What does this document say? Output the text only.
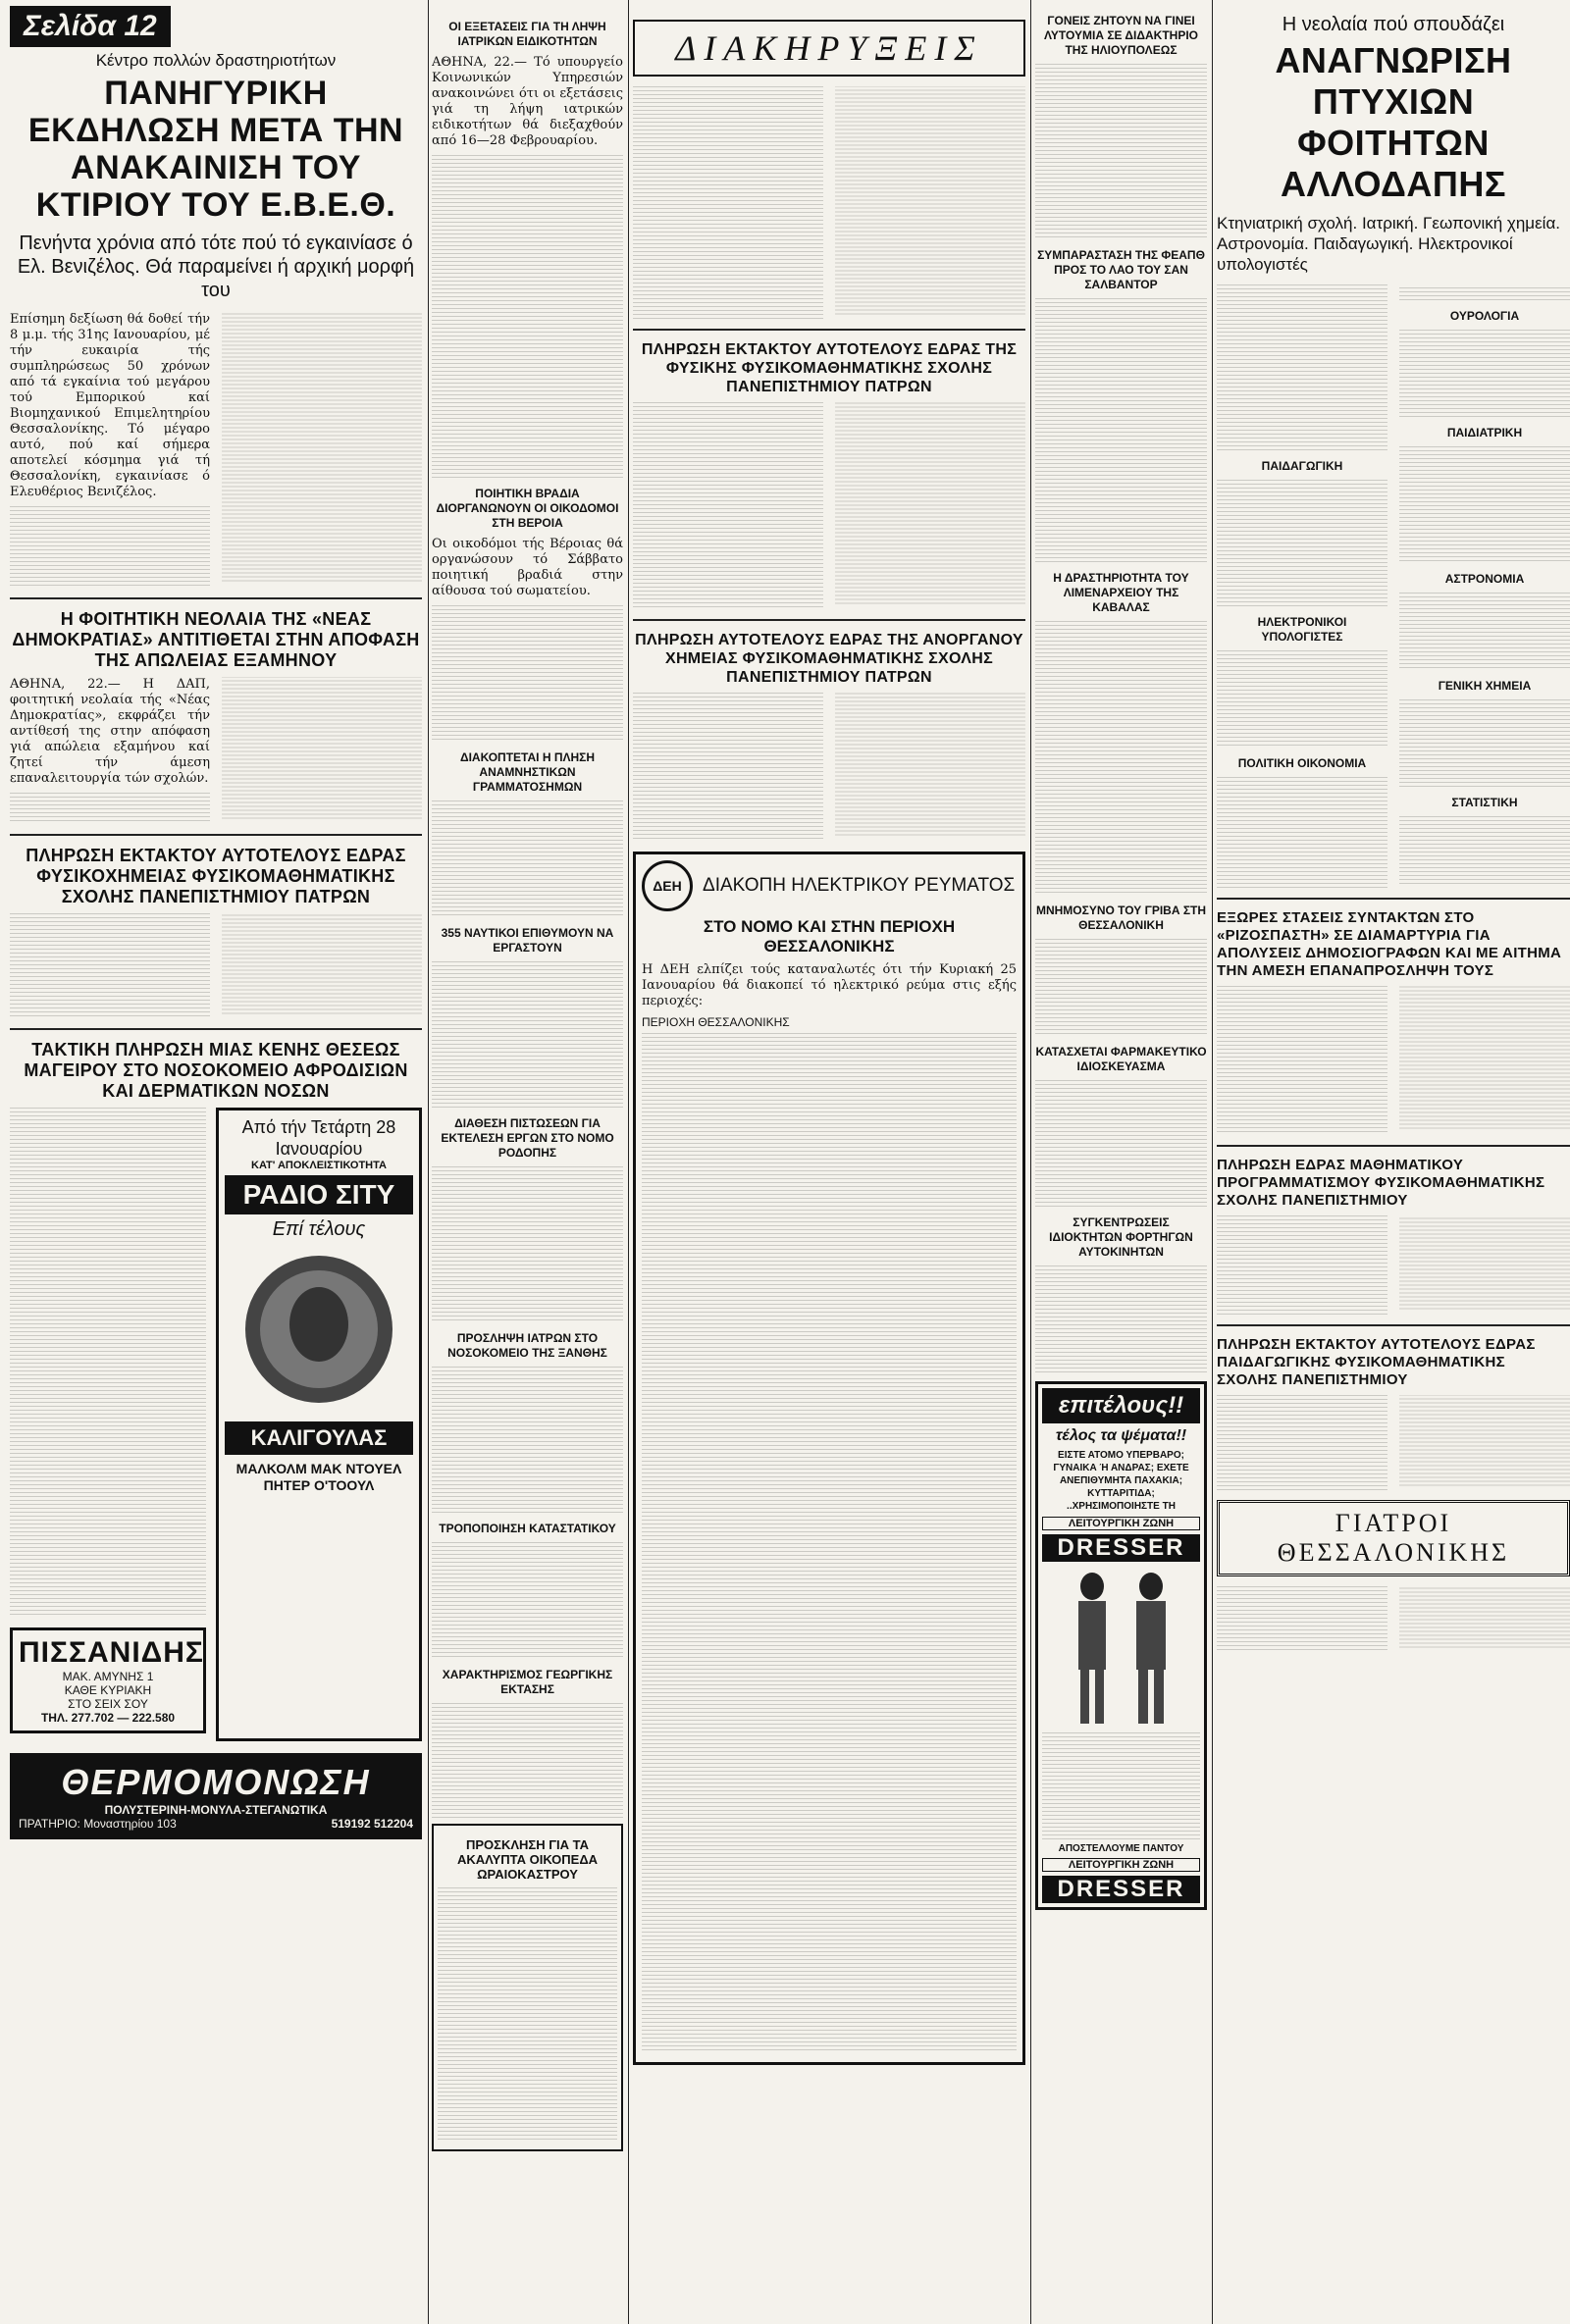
Σελίδα 12
Κέντρο πολλών δραστηριοτήτων
ΠΑΝΗΓΥΡΙΚΗ ΕΚΔΗΛΩΣΗ ΜΕΤΑ ΤΗΝ ΑΝΑΚΑΙΝΙΣΗ ΤΟΥ ΚΤΙΡΙΟΥ ΤΟΥ Ε.Β.Ε.Θ.
Πενήντα χρόνια από τότε πού τό εγκαινίασε ό Ελ. Βενιζέλος. Θά παραμείνει ή αρχική μορφή του

Επίσημη δεξίωση θά δοθεί τήν 8 μ.μ. τής 31ης Ιανουαρίου, μέ τήν ευκαιρία τής συμπληρώσεως 50 χρόνων από τά εγκαίνια τού μεγάρου τού Εμπορικού καί Βιομηχανικού Επιμελητηρίου Θεσσαλονίκης. Τό μέγαρο αυτό, πού καί σήμερα αποτελεί κόσμημα γιά τή Θεσσαλονίκη, εγκαινίασε ό Ελευθέριος Βενιζέλος.

Η ΦΟΙΤΗΤΙΚΗ ΝΕΟΛΑΙΑ ΤΗΣ «ΝΕΑΣ ΔΗΜΟΚΡΑΤΙΑΣ» ΑΝΤΙΤΙΘΕΤΑΙ ΣΤΗΝ ΑΠΟΦΑΣΗ ΤΗΣ ΑΠΩΛΕΙΑΣ ΕΞΑΜΗΝΟΥ

ΑΘΗΝΑ, 22.— Η ΔΑΠ, φοιτητική νεολαία τής «Νέας Δημοκρατίας», εκφράζει τήν αντίθεσή της στην απόφαση γιά απώλεια εξαμήνου καί ζητεί τήν άμεση επαναλειτουργία τών σχολών.

ΠΛΗΡΩΣΗ ΕΚΤΑΚΤΟΥ ΑΥΤΟΤΕΛΟΥΣ ΕΔΡΑΣ ΦΥΣΙΚΟΧΗΜΕΙΑΣ ΦΥΣΙΚΟΜΑΘΗΜΑΤΙΚΗΣ ΣΧΟΛΗΣ ΠΑΝΕΠΙΣΤΗΜΙΟΥ ΠΑΤΡΩΝ
ΤΑΚΤΙΚΗ ΠΛΗΡΩΣΗ ΜΙΑΣ ΚΕΝΗΣ ΘΕΣΕΩΣ ΜΑΓΕΙΡΟΥ ΣΤΟ ΝΟΣΟΚΟΜΕΙΟ ΑΦΡΟΔΙΣΙΩΝ ΚΑΙ ΔΕΡΜΑΤΙΚΩΝ ΝΟΣΩΝ
ΠΙΣΣΑΝΙΔΗΣ
ΜΑΚ. ΑΜΥΝΗΣ 1
ΚΑΘΕ ΚΥΡΙΑΚΗ
ΣΤΟ ΣΕΙΧ ΣΟΥ
ΤΗΛ. 277.702 — 222.580
Από τήν Τετάρτη 28 Ιανουαρίου
ΚΑΤ' ΑΠΟΚΛΕΙΣΤΙΚΟΤΗΤΑ
ΡΑΔΙΟ ΣΙΤΥ
Επί τέλους
ΚΑΛΙΓΟΥΛΑΣ
ΜΑΛΚΟΛΜ ΜΑΚ ΝΤΟΥΕΛ ΠΗΤΕΡ Ο'ΤΟΟΥΛ
ΘΕΡΜΟΜΟΝΩΣΗ
ΠΟΛΥΣΤΕΡΙΝΗ-ΜΟΝΥΛΑ-ΣΤΕΓΑΝΩΤΙΚΑ
ΠΡΑΤΗΡΙΟ: Μοναστηρίου 103	519192 512204
ΟΙ ΕΞΕΤΑΣΕΙΣ ΓΙΑ ΤΗ ΛΗΨΗ ΙΑΤΡΙΚΩΝ ΕΙΔΙΚΟΤΗΤΩΝ

ΑΘΗΝΑ, 22.— Τό υπουργείο Κοινωνικών Υπηρεσιών ανακοινώνει ότι οι εξετάσεις γιά τη λήψη ιατρικών ειδικοτήτων θά διεξαχθούν από 16—28 Φεβρουαρίου.

ΠΟΙΗΤΙΚΗ ΒΡΑΔΙΑ ΔΙΟΡΓΑΝΩΝΟΥΝ ΟΙ ΟΙΚΟΔΟΜΟΙ ΣΤΗ ΒΕΡΟΙΑ

Οι οικοδόμοι τής Βέροιας θά οργανώσουν τό Σάββατο ποιητική βραδιά στην αίθουσα τού σωματείου.

ΔΙΑΚΟΠΤΕΤΑΙ Η ΠΛΗΣΗ ΑΝΑΜΝΗΣΤΙΚΩΝ ΓΡΑΜΜΑΤΟΣΗΜΩΝ
355 ΝΑΥΤΙΚΟΙ ΕΠΙΘΥΜΟΥΝ ΝΑ ΕΡΓΑΣΤΟΥΝ
ΔΙΑΘΕΣΗ ΠΙΣΤΩΣΕΩΝ ΓΙΑ ΕΚΤΕΛΕΣΗ ΕΡΓΩΝ ΣΤΟ ΝΟΜΟ ΡΟΔΟΠΗΣ
ΠΡΟΣΛΗΨΗ ΙΑΤΡΩΝ ΣΤΟ ΝΟΣΟΚΟΜΕΙΟ ΤΗΣ ΞΑΝΘΗΣ
ΤΡΟΠΟΠΟΙΗΣΗ ΚΑΤΑΣΤΑΤΙΚΟΥ
ΧΑΡΑΚΤΗΡΙΣΜΟΣ ΓΕΩΡΓΙΚΗΣ ΕΚΤΑΣΗΣ
ΠΡΟΣΚΛΗΣΗ ΓΙΑ ΤΑ ΑΚΑΛΥΠΤΑ ΟΙΚΟΠΕΔΑ ΩΡΑΙΟΚΑΣΤΡΟΥ
ΔΙΑΚΗΡΥΞΕΙΣ
ΠΛΗΡΩΣΗ ΕΚΤΑΚΤΟΥ ΑΥΤΟΤΕΛΟΥΣ ΕΔΡΑΣ ΤΗΣ ΦΥΣΙΚΗΣ ΦΥΣΙΚΟΜΑΘΗΜΑΤΙΚΗΣ ΣΧΟΛΗΣ ΠΑΝΕΠΙΣΤΗΜΙΟΥ ΠΑΤΡΩΝ
ΠΛΗΡΩΣΗ ΑΥΤΟΤΕΛΟΥΣ ΕΔΡΑΣ ΤΗΣ ΑΝΟΡΓΑΝΟΥ ΧΗΜΕΙΑΣ ΦΥΣΙΚΟΜΑΘΗΜΑΤΙΚΗΣ ΣΧΟΛΗΣ ΠΑΝΕΠΙΣΤΗΜΙΟΥ ΠΑΤΡΩΝ
ΔΕΗ	ΔΙΑΚΟΠΗ ΗΛΕΚΤΡΙΚΟΥ ΡΕΥΜΑΤΟΣ
ΣΤΟ ΝΟΜΟ ΚΑΙ ΣΤΗΝ ΠΕΡΙΟΧΗ ΘΕΣΣΑΛΟΝΙΚΗΣ

Η ΔΕΗ ελπίζει τούς καταναλωτές ότι τήν Κυριακή 25 Ιανουαρίου θά διακοπεί τό ηλεκτρικό ρεύμα στις εξής περιοχές:

ΠΕΡΙΟΧΗ ΘΕΣΣΑΛΟΝΙΚΗΣ
ΓΟΝΕΙΣ ΖΗΤΟΥΝ ΝΑ ΓΙΝΕΙ ΛΥΤΟΥΜΙΑ ΣΕ ΔΙΔΑΚΤΗΡΙΟ ΤΗΣ ΗΛΙΟΥΠΟΛΕΩΣ
ΣΥΜΠΑΡΑΣΤΑΣΗ ΤΗΣ ΦΕΑΠΘ ΠΡΟΣ ΤΟ ΛΑΟ ΤΟΥ ΣΑΝ ΣΑΛΒΑΝΤΟΡ
Η ΔΡΑΣΤΗΡΙΟΤΗΤΑ ΤΟΥ ΛΙΜΕΝΑΡΧΕΙΟΥ ΤΗΣ ΚΑΒΑΛΑΣ
ΜΝΗΜΟΣΥΝΟ ΤΟΥ ΓΡΙΒΑ ΣΤΗ ΘΕΣΣΑΛΟΝΙΚΗ
ΚΑΤΑΣΧΕΤΑΙ ΦΑΡΜΑΚΕΥΤΙΚΟ ΙΔΙΟΣΚΕΥΑΣΜΑ
ΣΥΓΚΕΝΤΡΩΣΕΙΣ ΙΔΙΟΚΤΗΤΩΝ ΦΟΡΤΗΓΩΝ ΑΥΤΟΚΙΝΗΤΩΝ
επιτέλους!!
τέλος τα ψέματα!!
ΕΙΣΤΕ ΑΤΟΜΟ ΥΠΕΡΒΑΡΟ; ΓΥΝΑΙΚΑ Ή ΑΝΔΡΑΣ; ΕΧΕΤΕ ΑΝΕΠΙΘΥΜΗΤΑ ΠΑΧΑΚΙΑ; ΚΥΤΤΑΡΙΤΙΔΑ; ..ΧΡΗΣΙΜΟΠΟΙΗΣΤΕ ΤΗ
ΛΕΙΤΟΥΡΓΙΚΗ ΖΩΝΗ
DRESSER
ΑΠΟΣΤΕΛΛΟΥΜΕ ΠΑΝΤΟΥ
ΛΕΙΤΟΥΡΓΙΚΗ ΖΩΝΗ
DRESSER
Η νεολαία πού σπουδάζει
ΑΝΑΓΝΩΡΙΣΗ ΠΤΥΧΙΩΝ ΦΟΙΤΗΤΩΝ ΑΛΛΟΔΑΠΗΣ
Κτηνιατρική σχολή. Ιατρική. Γεωπονική χημεία. Αστρονομία. Παιδαγωγική. Ηλεκτρονικοί υπολογιστές
ΠΑΙΔΑΓΩΓΙΚΗ
ΗΛΕΚΤΡΟΝΙΚΟΙ ΥΠΟΛΟΓΙΣΤΕΣ
ΠΟΛΙΤΙΚΗ ΟΙΚΟΝΟΜΙΑ
ΟΥΡΟΛΟΓΙΑ
ΠΑΙΔΙΑΤΡΙΚΗ
ΑΣΤΡΟΝΟΜΙΑ
ΓΕΝΙΚΗ ΧΗΜΕΙΑ
ΣΤΑΤΙΣΤΙΚΗ
ΕΞΩΡΕΣ ΣΤΑΣΕΙΣ ΣΥΝΤΑΚΤΩΝ ΣΤΟ «ΡΙΖΟΣΠΑΣΤΗ» ΣΕ ΔΙΑΜΑΡΤΥΡΙΑ ΓΙΑ ΑΠΟΛΥΣΕΙΣ ΔΗΜΟΣΙΟΓΡΑΦΩΝ ΚΑΙ ΜΕ ΑΙΤΗΜΑ ΤΗΝ ΑΜΕΣΗ ΕΠΑΝΑΠΡΟΣΛΗΨΗ ΤΟΥΣ
ΠΛΗΡΩΣΗ ΕΔΡΑΣ ΜΑΘΗΜΑΤΙΚΟΥ ΠΡΟΓΡΑΜΜΑΤΙΣΜΟΥ ΦΥΣΙΚΟΜΑΘΗΜΑΤΙΚΗΣ ΣΧΟΛΗΣ ΠΑΝΕΠΙΣΤΗΜΙΟΥ
ΠΛΗΡΩΣΗ ΕΚΤΑΚΤΟΥ ΑΥΤΟΤΕΛΟΥΣ ΕΔΡΑΣ ΠΑΙΔΑΓΩΓΙΚΗΣ ΦΥΣΙΚΟΜΑΘΗΜΑΤΙΚΗΣ ΣΧΟΛΗΣ ΠΑΝΕΠΙΣΤΗΜΙΟΥ
ΓΙΑΤΡΟΙ ΘΕΣΣΑΛΟΝΙΚΗΣ
